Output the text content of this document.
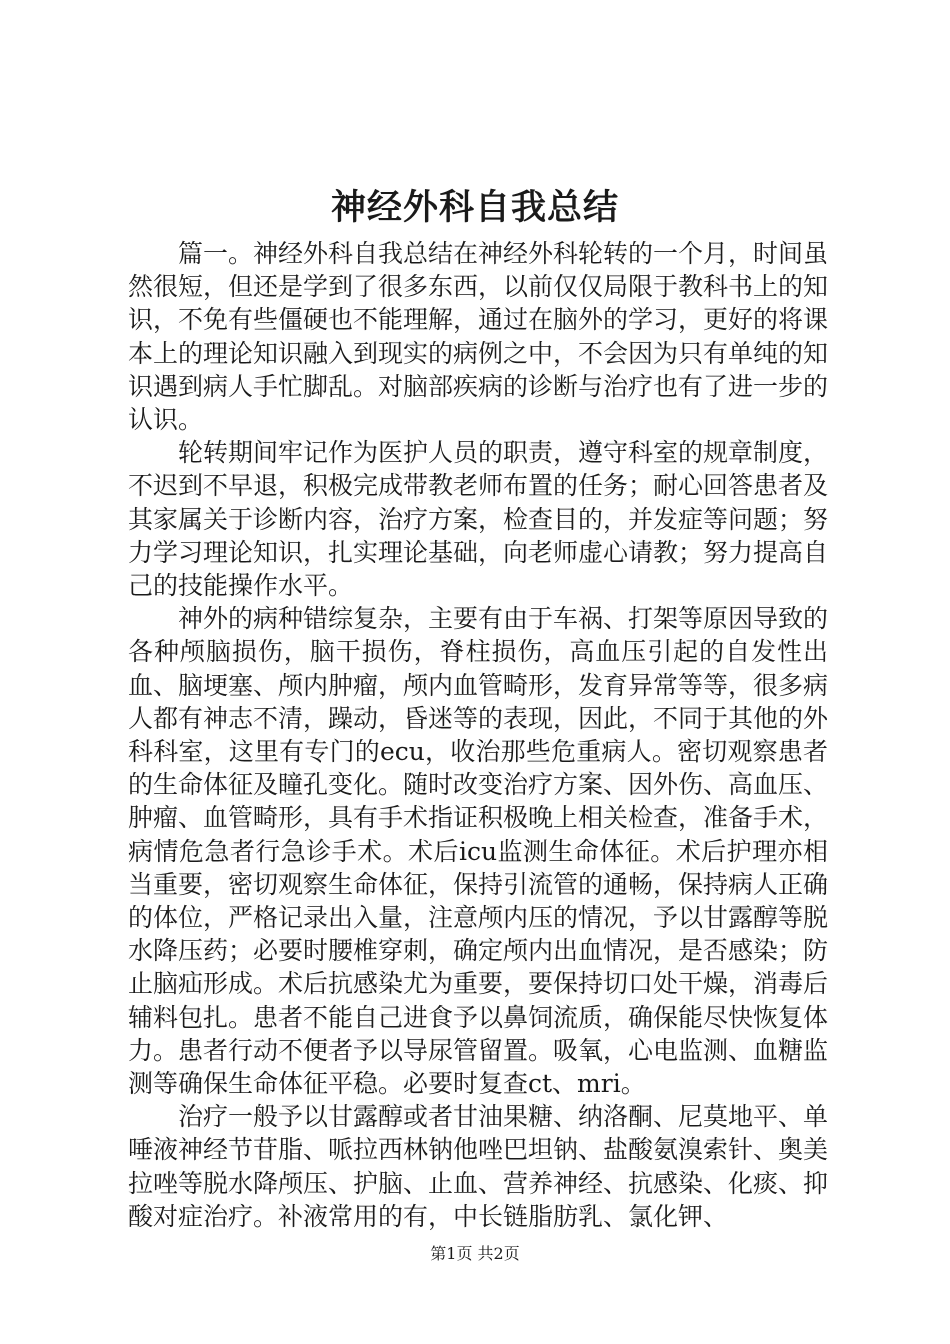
神经外科自我总结

篇一。神经外科自我总结在神经外科轮转的一个月，时间虽然很短，但还是学到了很多东西，以前仅仅局限于教科书上的知识，不免有些僵硬也不能理解，通过在脑外的学习，更好的将课本上的理论知识融入到现实的病例之中，不会因为只有单纯的知识遇到病人手忙脚乱。对脑部疾病的诊断与治疗也有了进一步的认识。

轮转期间牢记作为医护人员的职责，遵守科室的规章制度，不迟到不早退，积极完成带教老师布置的任务；耐心回答患者及其家属关于诊断内容，治疗方案，检查目的，并发症等问题；努力学习理论知识，扎实理论基础，向老师虚心请教；努力提高自己的技能操作水平。

神外的病种错综复杂，主要有由于车祸、打架等原因导致的各种颅脑损伤，脑干损伤，脊柱损伤，高血压引起的自发性出血、脑埂塞、颅内肿瘤，颅内血管畸形，发育异常等等，很多病人都有神志不清，躁动，昏迷等的表现，因此，不同于其他的外科科室，这里有专门的ecu，收治那些危重病人。密切观察患者的生命体征及瞳孔变化。随时改变治疗方案、因外伤、高血压、肿瘤、血管畸形，具有手术指证积极晚上相关检查，准备手术，病情危急者行急诊手术。术后icu监测生命体征。术后护理亦相当重要，密切观察生命体征，保持引流管的通畅，保持病人正确的体位，严格记录出入量，注意颅内压的情况，予以甘露醇等脱水降压药；必要时腰椎穿刺，确定颅内出血情况，是否感染；防止脑疝形成。术后抗感染尤为重要，要保持切口处干燥，消毒后辅料包扎。患者不能自己进食予以鼻饲流质，确保能尽快恢复体力。患者行动不便者予以导尿管留置。吸氧，心电监测、血糖监测等确保生命体征平稳。必要时复查ct、mri。

治疗一般予以甘露醇或者甘油果糖、纳洛酮、尼莫地平、单唾液神经节苷脂、哌拉西林钠他唑巴坦钠、盐酸氨溴索针、奥美拉唑等脱水降颅压、护脑、止血、营养神经、抗感染、化痰、抑酸对症治疗。补液常用的有，中长链脂肪乳、氯化钾、

第1页 共2页
